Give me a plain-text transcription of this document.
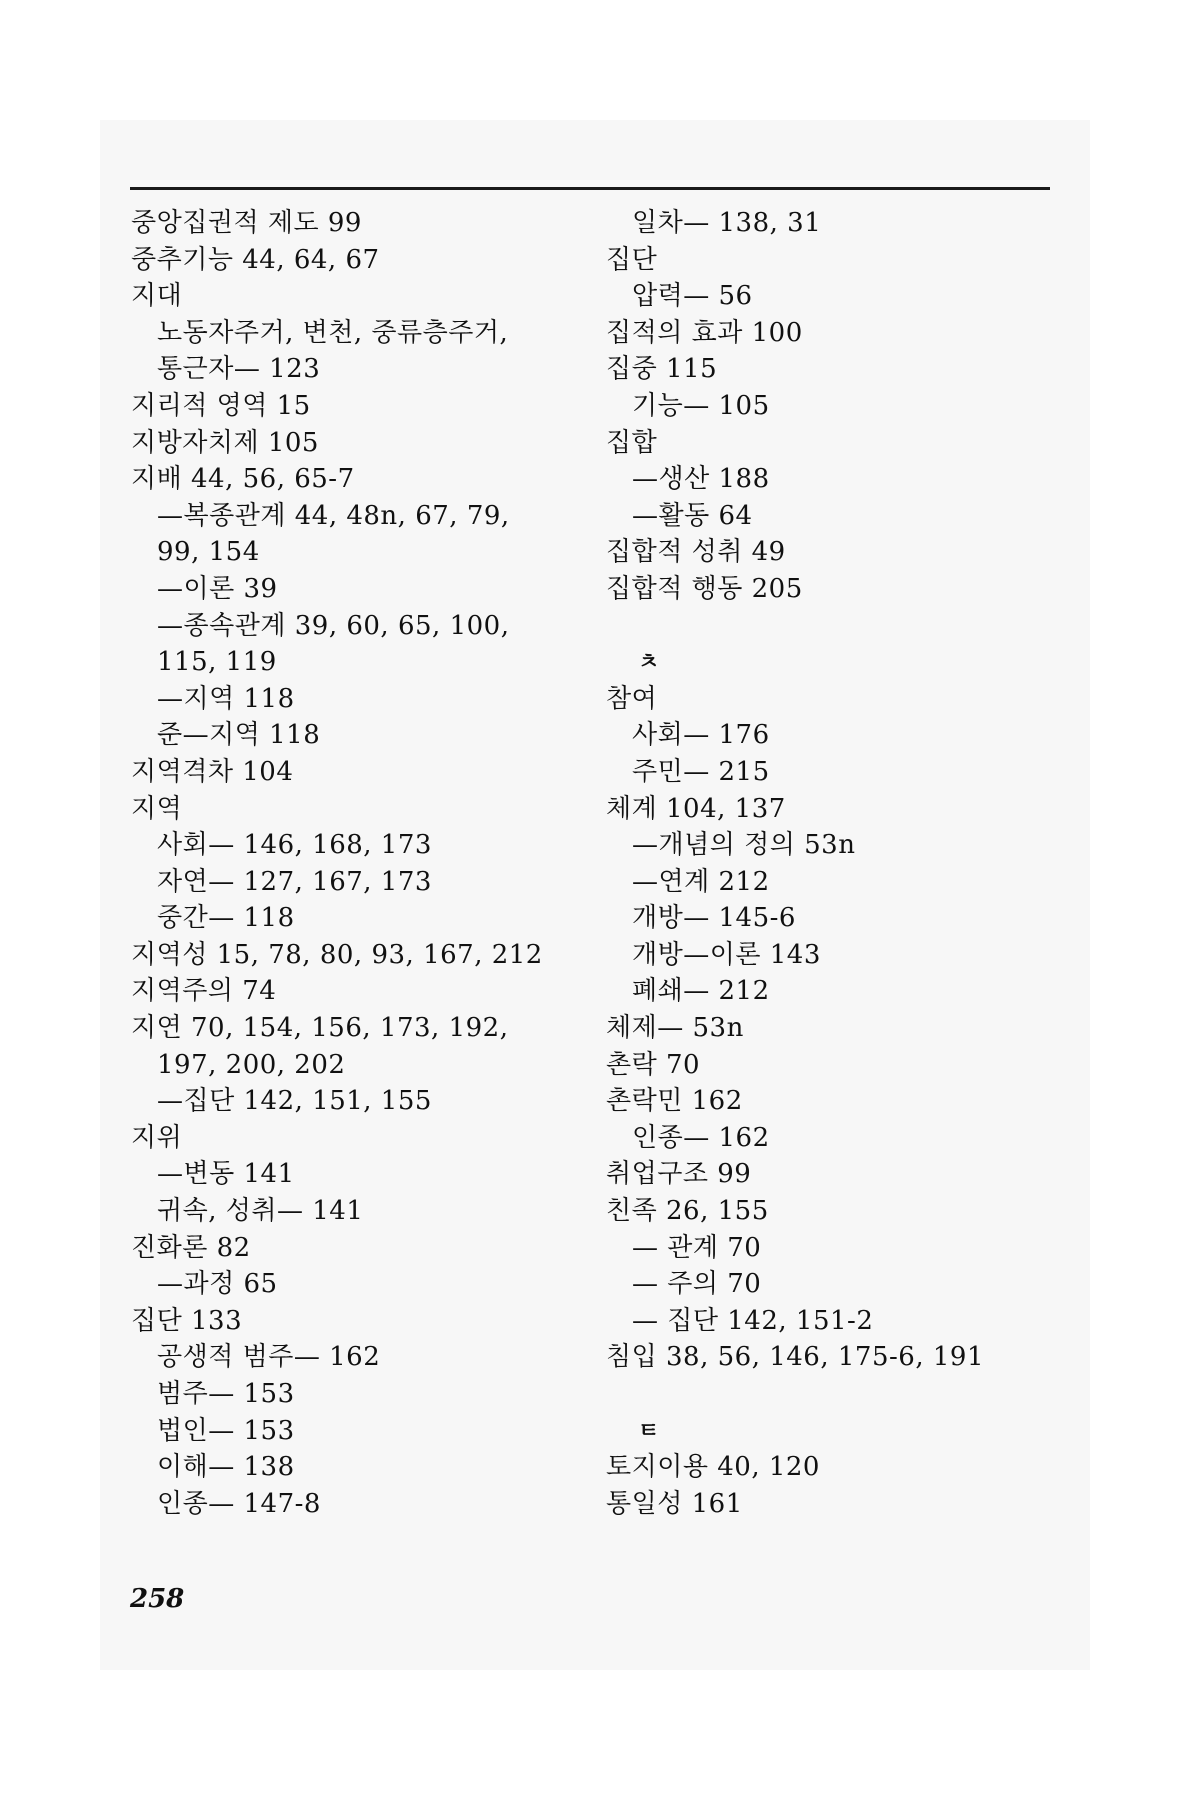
중앙집권적 제도 99
중추기능 44, 64, 67
지대
노동자주거, 변천, 중류층주거,
통근자— 123
지리적 영역 15
지방자치제 105
지배 44, 56, 65-7
—복종관계 44, 48n, 67, 79,
99, 154
—이론 39
—종속관계 39, 60, 65, 100,
115, 119
—지역 118
준—지역 118
지역격차 104
지역
사회— 146, 168, 173
자연— 127, 167, 173
중간— 118
지역성 15, 78, 80, 93, 167, 212
지역주의 74
지연 70, 154, 156, 173, 192,
197, 200, 202
—집단 142, 151, 155
지위
—변동 141
귀속, 성취— 141
진화론 82
—과정 65
집단 133
공생적 범주— 162
범주— 153
법인— 153
이해— 138
인종— 147-8
일차— 138, 31
집단
압력— 56
집적의 효과 100
집중 115
기능— 105
집합
—생산 188
—활동 64
집합적 성취 49
집합적 행동 205
ㅊ
참여
사회— 176
주민— 215
체계 104, 137
—개념의 정의 53n
—연계 212
개방— 145-6
개방—이론 143
폐쇄— 212
체제— 53n
촌락 70
촌락민 162
인종— 162
취업구조 99
친족 26, 155
— 관계 70
— 주의 70
— 집단 142, 151-2
침입 38, 56, 146, 175-6, 191
ㅌ
토지이용 40, 120
통일성 161
258
